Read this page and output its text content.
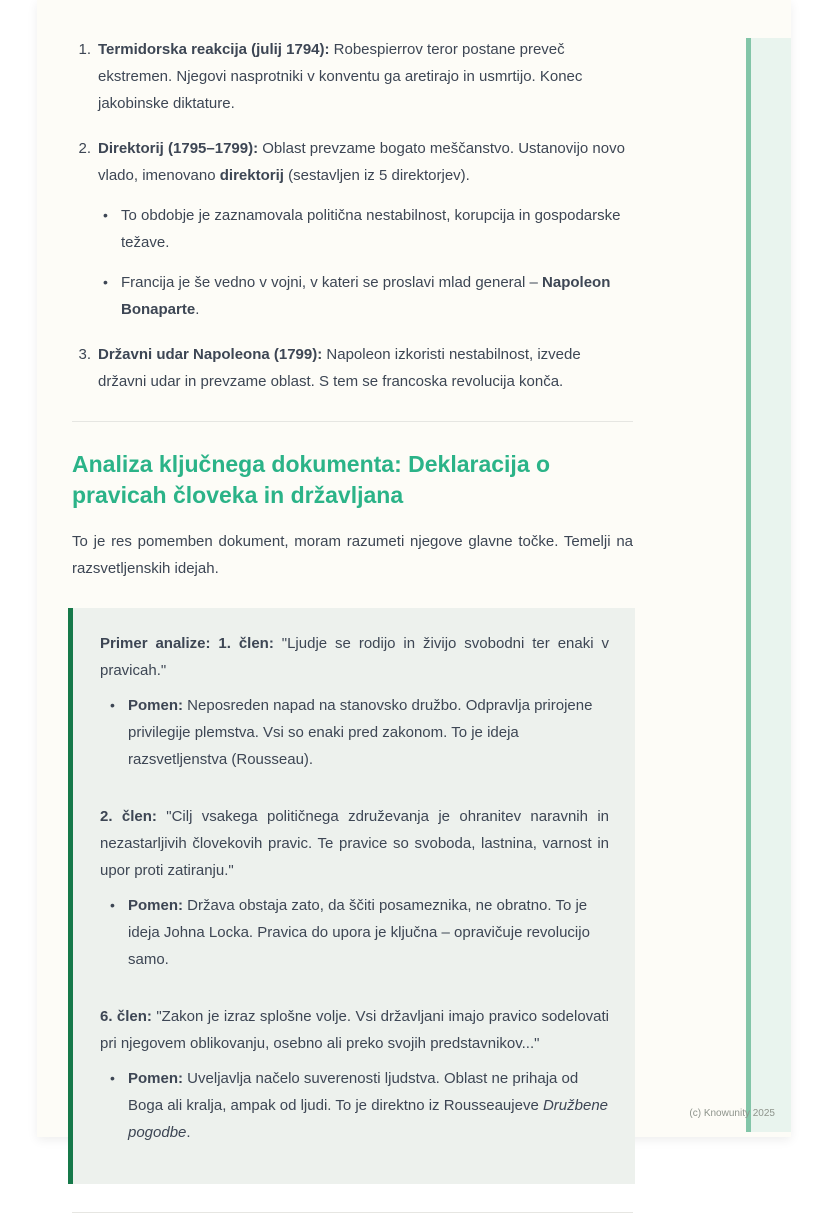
1. Termidorska reakcija (julij 1794): Robespierrov teror postane preveč ekstremen. Njegovi nasprotniki v konventu ga aretirajo in usmrtijo. Konec jakobinske diktature.
2. Direktorij (1795–1799): Oblast prevzame bogato meščanstvo. Ustanovijo novo vlado, imenovano direktorij (sestavljen iz 5 direktorjev).
• To obdobje je zaznamovala politična nestabilnost, korupcija in gospodarske težave.
• Francija je še vedno v vojni, v kateri se proslavi mlad general – Napoleon Bonaparte.
3. Državni udar Napoleona (1799): Napoleon izkoristi nestabilnost, izvede državni udar in prevzame oblast. S tem se francoska revolucija konča.
Analiza ključnega dokumenta: Deklaracija o pravicah človeka in državljana

To je res pomemben dokument, moram razumeti njegove glavne točke. Temelji na razsvetljenskih idejah.

Primer analize: 1. člen: "Ljudje se rodijo in živijo svobodni ter enaki v pravicah."

• Pomen: Neposreden napad na stanovsko družbo. Odpravlja prirojene privilegije plemstva. Vsi so enaki pred zakonom. To je ideja razsvetljenstva (Rousseau).

2. člen: "Cilj vsakega političnega združevanja je ohranitev naravnih in nezastarljivih človekovih pravic. Te pravice so svoboda, lastnina, varnost in upor proti zatiranju."

• Pomen: Država obstaja zato, da ščiti posameznika, ne obratno. To je ideja Johna Locka. Pravica do upora je ključna – opravičuje revolucijo samo.

6. člen: "Zakon je izraz splošne volje. Vsi državljani imajo pravico sodelovati pri njegovem oblikovanju, osebno ali preko svojih predstavnikov..."

• Pomen: Uveljavlja načelo suverenosti ljudstva. Oblast ne prihaja od Boga ali kralja, ampak od ljudi. To je direktno iz Rousseaujeve Družbene pogodbe.
(c) Knowunity 2025
